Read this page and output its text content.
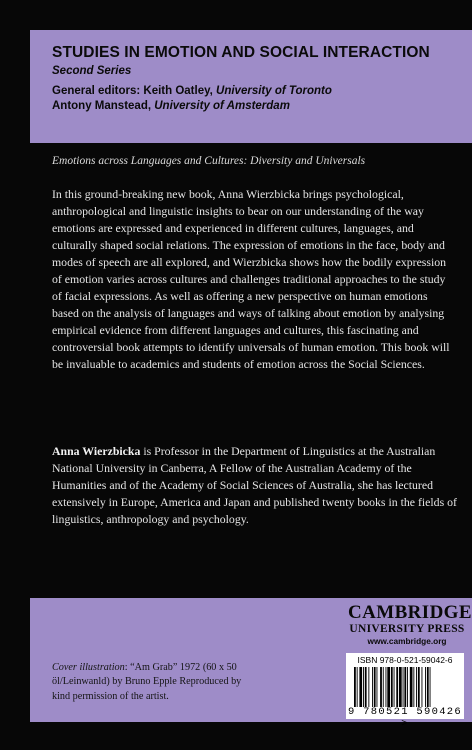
STUDIES IN EMOTION AND SOCIAL INTERACTION
Second Series
General editors: Keith Oatley, University of Toronto
Antony Manstead, University of Amsterdam
Emotions across Languages and Cultures: Diversity and Universals

In this ground-breaking new book, Anna Wierzbicka brings psychological, anthropological and linguistic insights to bear on our understanding of the way emotions are expressed and experienced in different cultures, languages, and culturally shaped social relations. The expression of emotions in the face, body and modes of speech are all explored, and Wierzbicka shows how the bodily expression of emotion varies across cultures and challenges traditional approaches to the study of facial expressions. As well as offering a new perspective on human emotions based on the analysis of languages and ways of talking about emotion by analysing empirical evidence from different languages and cultures, this fascinating and controversial book attempts to identify universals of human emotion. This book will be invaluable to academics and students of emotion across the Social Sciences.

Anna Wierzbicka is Professor in the Department of Linguistics at the Australian National University in Canberra, A Fellow of the Australian Academy of the Humanities and of the Academy of Social Sciences of Australia, she has lectured extensively in Europe, America and Japan and published twenty books in the fields of linguistics, anthropology and psychology.

Cover illustration: “Am Grab” 1972 (60 x 50 öl/Leinwanld) by Bruno Epple Reproduced by kind permission of the artist.

CAMBRIDGE
UNIVERSITY PRESS
www.cambridge.org
ISBN 978-0-521-59042-6
9 780521 590426 >
